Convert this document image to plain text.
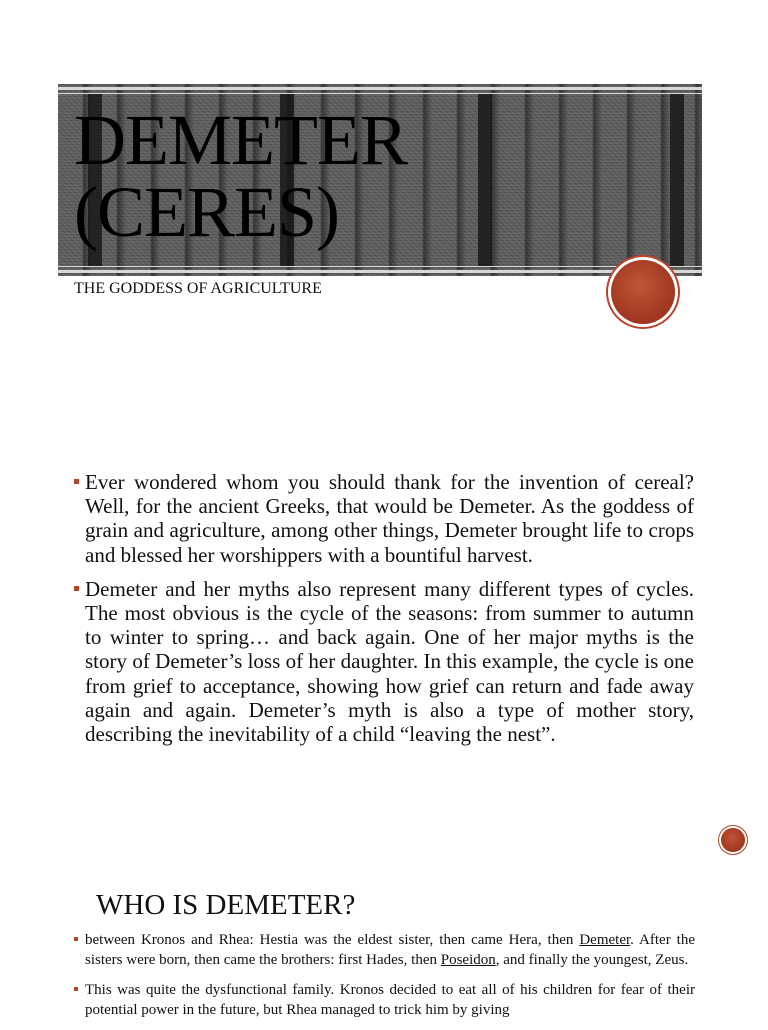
DEMETER
(CERES)

THE GODDESS OF AGRICULTURE

Ever wondered whom you should thank for the invention of cereal? Well, for the ancient Greeks, that would be Demeter. As the goddess of grain and agriculture, among other things, Demeter brought life to crops and blessed her worshippers with a bountiful harvest.
Demeter and her myths also represent many different types of cycles. The most obvious is the cycle of the seasons: from summer to autumn to winter to spring… and back again. One of her major myths is the story of Demeter’s loss of her daughter. In this example, the cycle is one from grief to acceptance, showing how grief can return and fade away again and again. Demeter’s myth is also a type of mother story, describing the inevitability of a child “leaving the nest”.
WHO IS DEMETER?
between Kronos and Rhea: Hestia was the eldest sister, then came Hera, then Demeter. After the sisters were born, then came the brothers: first Hades, then Poseidon, and finally the youngest, Zeus.
This was quite the dysfunctional family. Kronos decided to eat all of his children for fear of their potential power in the future, but Rhea managed to trick him by giving
